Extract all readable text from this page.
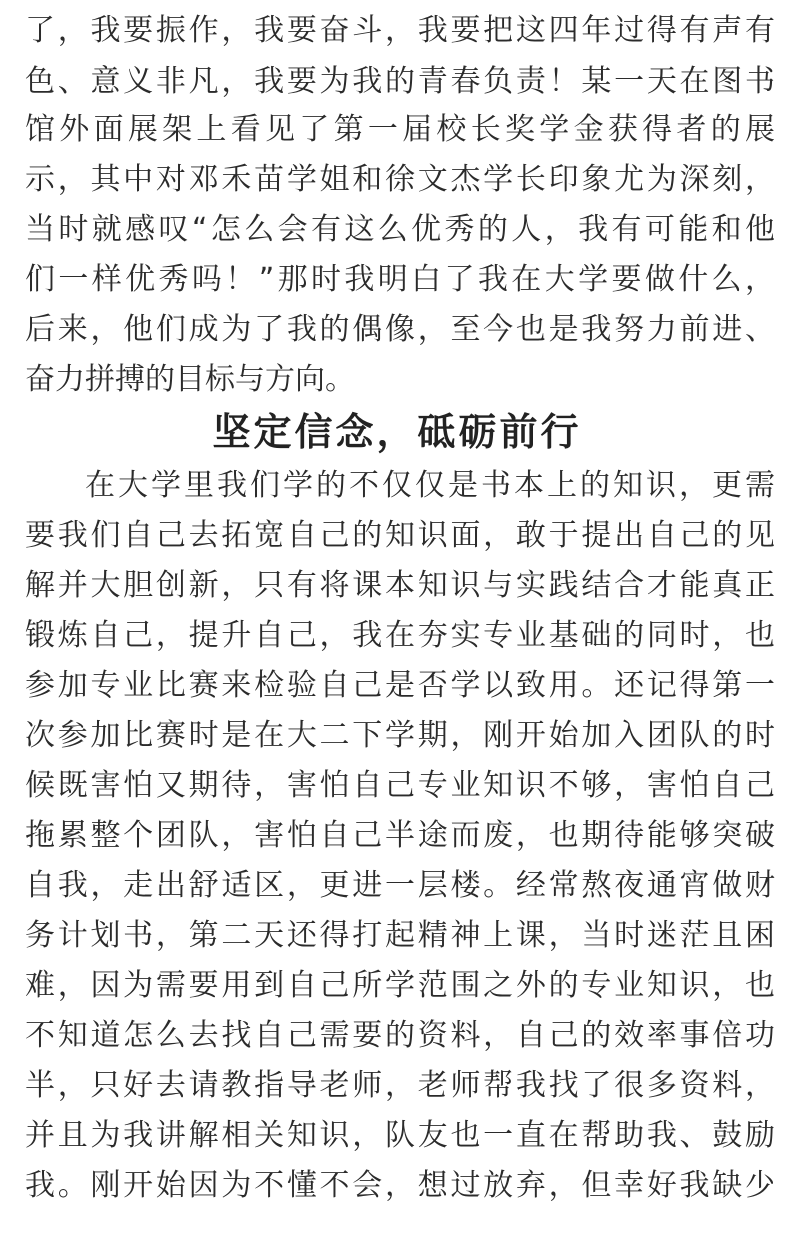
了，我要振作，我要奋斗，我要把这四年过得有声有
色、意义非凡，我要为我的青春负责！某一天在图书
馆外面展架上看见了第一届校长奖学金获得者的展
示，其中对邓禾苗学姐和徐文杰学长印象尤为深刻，
当时就感叹“怎么会有这么优秀的人，我有可能和他
们一样优秀吗！”那时我明白了我在大学要做什么，
后来，他们成为了我的偶像，至今也是我努力前进、
奋力拼搏的目标与方向。
坚定信念，砥砺前行
在大学里我们学的不仅仅是书本上的知识，更需
要我们自己去拓宽自己的知识面，敢于提出自己的见
解并大胆创新，只有将课本知识与实践结合才能真正
锻炼自己，提升自己，我在夯实专业基础的同时，也
参加专业比赛来检验自己是否学以致用。还记得第一
次参加比赛时是在大二下学期，刚开始加入团队的时
候既害怕又期待，害怕自己专业知识不够，害怕自己
拖累整个团队，害怕自己半途而废，也期待能够突破
自我，走出舒适区，更进一层楼。经常熬夜通宵做财
务计划书，第二天还得打起精神上课，当时迷茫且困
难，因为需要用到自己所学范围之外的专业知识，也
不知道怎么去找自己需要的资料，自己的效率事倍功
半，只好去请教指导老师，老师帮我找了很多资料，
并且为我讲解相关知识，队友也一直在帮助我、鼓励
我。刚开始因为不懂不会，想过放弃，但幸好我缺少
